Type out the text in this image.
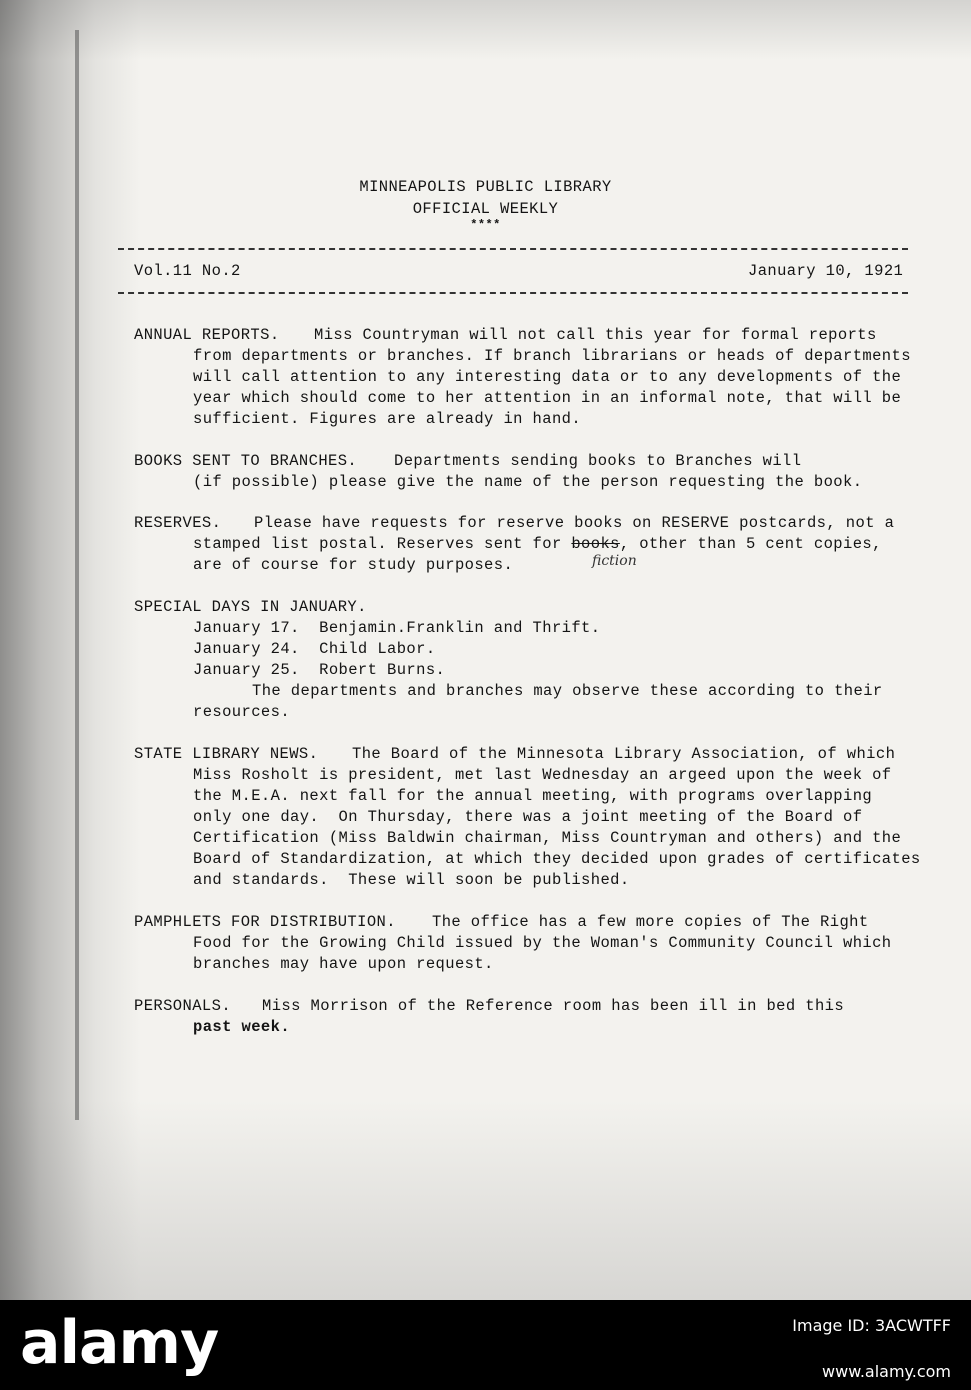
MINNEAPOLIS PUBLIC LIBRARY
OFFICIAL WEEKLY
****
Vol.11 No.2	January 10, 1921
ANNUAL REPORTS. Miss Countryman will not call this year for formal reports
from departments or branches. If branch librarians or heads of departments
will call attention to any interesting data or to any developments of the
year which should come to her attention in an informal note, that will be
sufficient. Figures are already in hand.
BOOKS SENT TO BRANCHES. Departments sending books to Branches will
(if possible) please give the name of the person requesting the book.
RESERVES. Please have requests for reserve books on RESERVE postcards, not a
stamped list postal. Reserves sent for books, other than 5 cent copies,
are of course for study purposes.	fiction
SPECIAL DAYS IN JANUARY.
January 17.  Benjamin.Franklin and Thrift.
January 24.  Child Labor.
January 25.  Robert Burns.
The departments and branches may observe these according to their
resources.
STATE LIBRARY NEWS. The Board of the Minnesota Library Association, of which
Miss Rosholt is president, met last Wednesday an argeed upon the week of
the M.E.A. next fall for the annual meeting, with programs overlapping
only one day.  On Thursday, there was a joint meeting of the Board of
Certification (Miss Baldwin chairman, Miss Countryman and others) and the
Board of Standardization, at which they decided upon grades of certificates
and standards.  These will soon be published.
PAMPHLETS FOR DISTRIBUTION. The office has a few more copies of The Right
Food for the Growing Child issued by the Woman's Community Council which
branches may have upon request.
PERSONALS. Miss Morrison of the Reference room has been ill in bed this
past week.
alamy	Image ID: 3ACWTFF
www.alamy.com
